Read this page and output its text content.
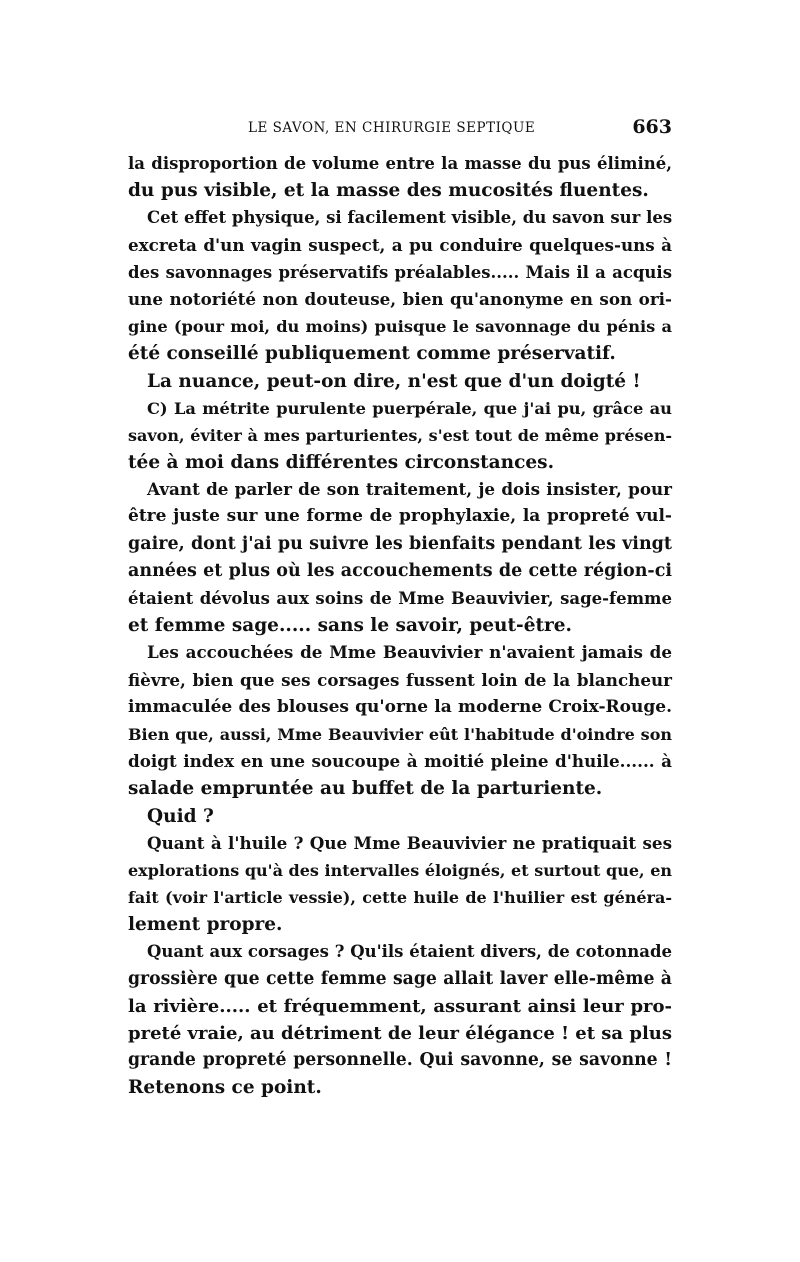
LE SAVON, EN CHIRURGIE SEPTIQUE	663
la disproportion de volume entre la masse du pus éliminé,
du pus visible, et la masse des mucosités fluentes.
Cet effet physique, si facilement visible, du savon sur les
excreta d'un vagin suspect, a pu conduire quelques-uns à
des savonnages préservatifs préalables..... Mais il a acquis
une notoriété non douteuse, bien qu'anonyme en son ori-
gine (pour moi, du moins) puisque le savonnage du pénis a
été conseillé publiquement comme préservatif.
La nuance, peut-on dire, n'est que d'un doigté !
C) La métrite purulente puerpérale, que j'ai pu, grâce au
savon, éviter à mes parturientes, s'est tout de même présen-
tée à moi dans différentes circonstances.
Avant de parler de son traitement, je dois insister, pour
être juste sur une forme de prophylaxie, la propreté vul-
gaire, dont j'ai pu suivre les bienfaits pendant les vingt
années et plus où les accouchements de cette région-ci
étaient dévolus aux soins de Mme Beauvivier, sage-femme
et femme sage..... sans le savoir, peut-être.
Les accouchées de Mme Beauvivier n'avaient jamais de
fièvre, bien que ses corsages fussent loin de la blancheur
immaculée des blouses qu'orne la moderne Croix-Rouge.
Bien que, aussi, Mme Beauvivier eût l'habitude d'oindre son
doigt index en une soucoupe à moitié pleine d'huile...... à
salade empruntée au buffet de la parturiente.
Quid ?
Quant à l'huile ? Que Mme Beauvivier ne pratiquait ses
explorations qu'à des intervalles éloignés, et surtout que, en
fait (voir l'article vessie), cette huile de l'huilier est généra-
lement propre.
Quant aux corsages ? Qu'ils étaient divers, de cotonnade
grossière que cette femme sage allait laver elle-même à
la rivière..... et fréquemment, assurant ainsi leur pro-
preté vraie, au détriment de leur élégance ! et sa plus
grande propreté personnelle. Qui savonne, se savonne !
Retenons ce point.
